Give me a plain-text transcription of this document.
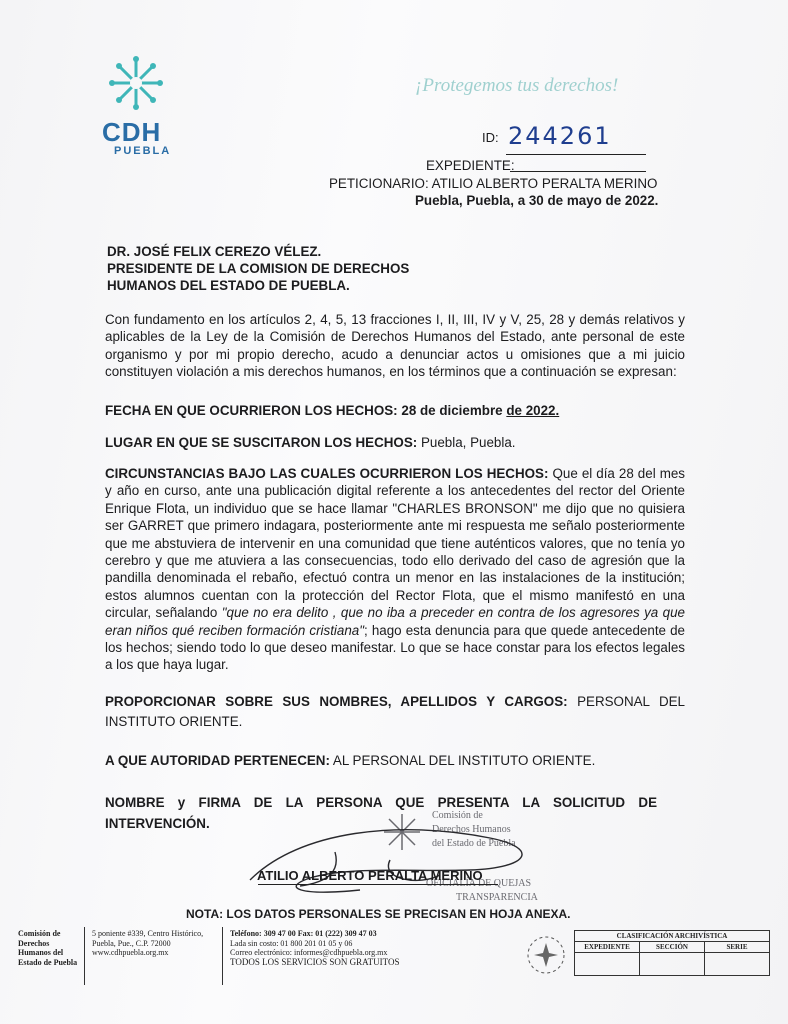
CDH
PUEBLA
¡Protegemos tus derechos!
ID: 244261
EXPEDIENTE:
PETICIONARIO: ATILIO ALBERTO PERALTA MERINO
Puebla, Puebla, a 30 de mayo de 2022.
DR. JOSÉ FELIX CEREZO VÉLEZ.
PRESIDENTE DE LA COMISION DE DERECHOS
HUMANOS DEL ESTADO DE PUEBLA.
Con fundamento en los artículos 2, 4, 5, 13 fracciones I, II, III, IV y V, 25, 28 y demás relativos y aplicables de la Ley de la Comisión de Derechos Humanos del Estado, ante personal de este organismo y por mi propio derecho, acudo a denunciar actos u omisiones que a mi juicio constituyen violación a mis derechos humanos, en los términos que a continuación se expresan:
FECHA EN QUE OCURRIERON LOS HECHOS: 28 de diciembre de 2022.
LUGAR EN QUE SE SUSCITARON LOS HECHOS: Puebla, Puebla.
CIRCUNSTANCIAS BAJO LAS CUALES OCURRIERON LOS HECHOS: Que el día 28 del mes y año en curso, ante una publicación digital referente a los antecedentes del rector del Oriente Enrique Flota, un individuo que se hace llamar "CHARLES BRONSON" me dijo que no quisiera ser GARRET que primero indagara, posteriormente ante mi respuesta me señalo posteriormente que me abstuviera de intervenir en una comunidad que tiene auténticos valores, que no tenía yo cerebro y que me atuviera a las consecuencias, todo ello derivado del caso de agresión que la pandilla denominada el rebaño, efectuó contra un menor en las instalaciones de la institución; estos alumnos cuentan con la protección del Rector Flota, que el mismo manifestó en una circular, señalando "que no era delito , que no iba a preceder en contra de los agresores ya que eran niños qué reciben formación cristiana"; hago esta denuncia para que quede antecedente de los hechos; siendo todo lo que deseo manifestar. Lo que se hace constar para los efectos legales a los que haya lugar.
PROPORCIONAR SOBRE SUS NOMBRES, APELLIDOS Y CARGOS: PERSONAL DEL INSTITUTO ORIENTE.
A QUE AUTORIDAD PERTENECEN: AL PERSONAL DEL INSTITUTO ORIENTE.
NOMBRE y FIRMA DE LA PERSONA QUE PRESENTA LA SOLICITUD DE INTERVENCIÓN.
Comisión de
Derechos Humanos
del Estado de Puebla
OFICIALÍA DE QUEJAS
TRANSPARENCIA
ATILIO ALBERTO PERALTA MERINO
NOTA: LOS DATOS PERSONALES SE PRECISAN EN HOJA ANEXA.
Comisión de
Derechos
Humanos del
Estado de Puebla
5 poniente #339, Centro Histórico,
Puebla, Pue., C.P. 72000
www.cdhpuebla.org.mx
Teléfono: 309 47 00 Fax: 01 (222) 309 47 03
Lada sin costo: 01 800 201 01 05 y 06
Correo electrónico: informes@cdhpuebla.org.mx
TODOS LOS SERVICIOS SON GRATUITOS
CLASIFICACIÓN ARCHIVÍSTICA
EXPEDIENTE	SECCIÓN	SERIE
